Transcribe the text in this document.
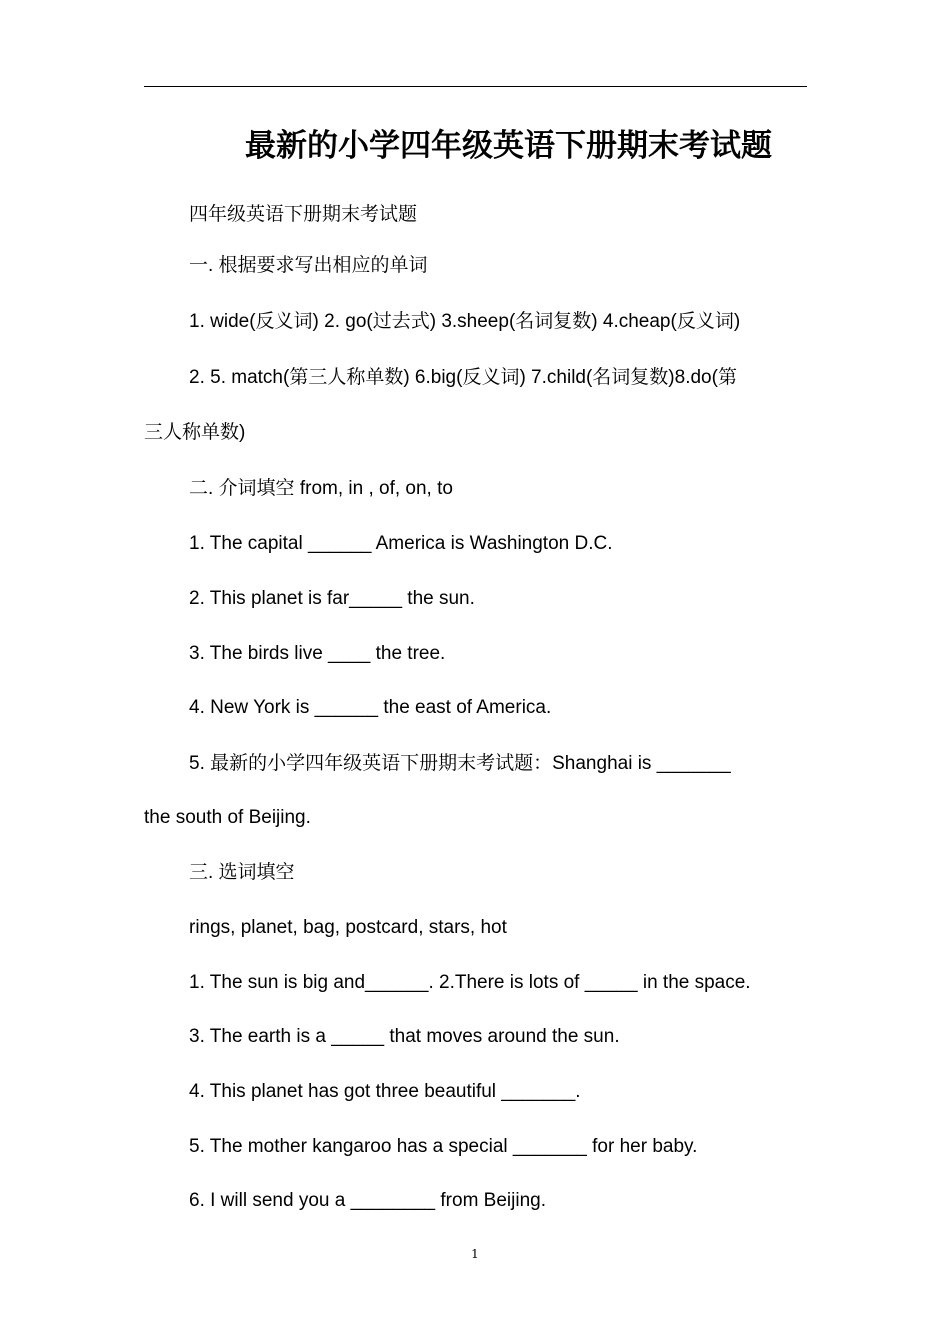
最新的小学四年级英语下册期末考试题
四年级英语下册期末考试题
一. 根据要求写出相应的单词
1. wide(反义词) 2. go(过去式) 3.sheep(名词复数) 4.cheap(反义词)
2. 5. match(第三人称单数) 6.big(反义词) 7.child(名词复数)8.do(第
三人称单数)
二. 介词填空 from, in , of, on, to
1. The capital ______ America is Washington D.C.
2. This planet is far_____ the sun.
3. The birds live ____ the tree.
4. New York is ______ the east of America.
5. 最新的小学四年级英语下册期末考试题：Shanghai is _______
the south of Beijing.
三. 选词填空
rings, planet, bag, postcard, stars, hot
1. The sun is big and______. 2.There is lots of _____ in the space.
3. The earth is a _____ that moves around the sun.
4. This planet has got three beautiful _______.
5. The mother kangaroo has a special _______ for her baby.
6. I will send you a ________ from Beijing.
1
